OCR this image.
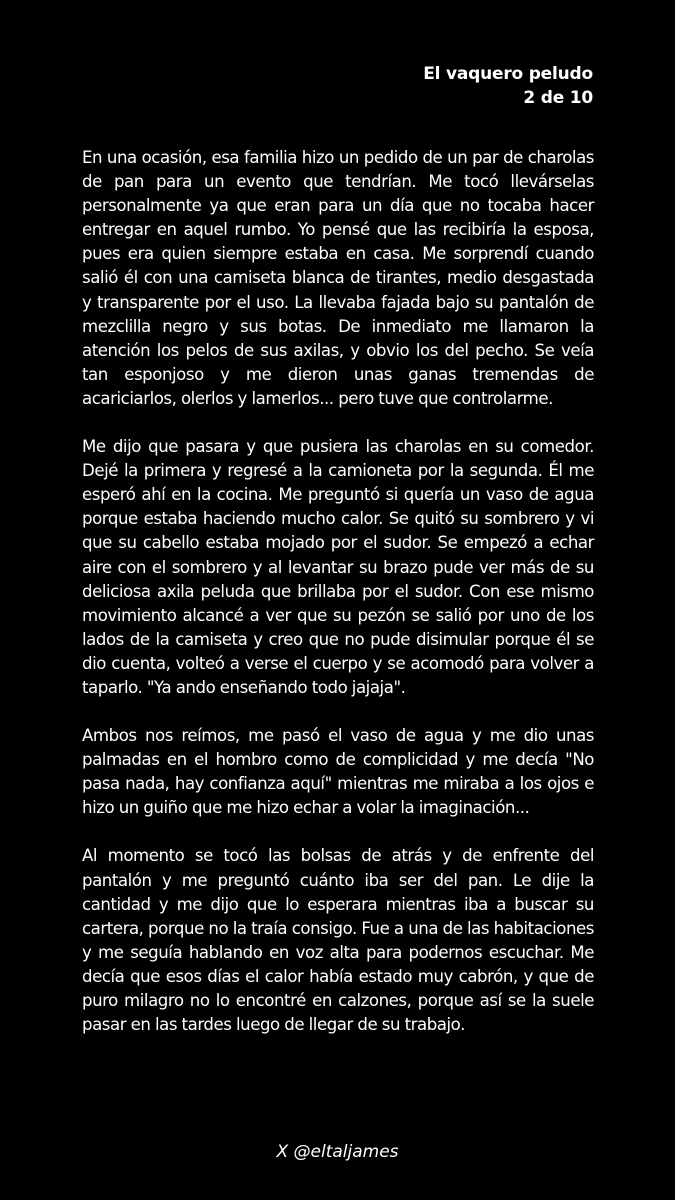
El vaquero peludo
2 de 10

En una ocasión, esa familia hizo un pedido de un par de charolas de pan para un evento que tendrían. Me tocó llevárselas personalmente ya que eran para un día que no tocaba hacer entregar en aquel rumbo. Yo pensé que las recibiría la esposa, pues era quien siempre estaba en casa. Me sorprendí cuando salió él con una camiseta blanca de tirantes, medio desgastada y transparente por el uso. La llevaba fajada bajo su pantalón de mezclilla negro y sus botas. De inmediato me llamaron la atención los pelos de sus axilas, y obvio los del pecho. Se veía tan esponjoso y me dieron unas ganas tremendas de acariciarlos, olerlos y lamerlos... pero tuve que controlarme.

Me dijo que pasara y que pusiera las charolas en su comedor. Dejé la primera y regresé a la camioneta por la segunda. Él me esperó ahí en la cocina. Me preguntó si quería un vaso de agua porque estaba haciendo mucho calor. Se quitó su sombrero y vi que su cabello estaba mojado por el sudor. Se empezó a echar aire con el sombrero y al levantar su brazo pude ver más de su deliciosa axila peluda que brillaba por el sudor. Con ese mismo movimiento alcancé a ver que su pezón se salió por uno de los lados de la camiseta y creo que no pude disimular porque él se dio cuenta, volteó a verse el cuerpo y se acomodó para volver a taparlo. "Ya ando enseñando todo jajaja".

Ambos nos reímos, me pasó el vaso de agua y me dio unas palmadas en el hombro como de complicidad y me decía "No pasa nada, hay confianza aquí" mientras me miraba a los ojos e hizo un guiño que me hizo echar a volar la imaginación...

Al momento se tocó las bolsas de atrás y de enfrente del pantalón y me preguntó cuánto iba ser del pan. Le dije la cantidad y me dijo que lo esperara mientras iba a buscar su cartera, porque no la traía consigo. Fue a una de las habitaciones y me seguía hablando en voz alta para podernos escuchar. Me decía que esos días el calor había estado muy cabrón, y que de puro milagro no lo encontré en calzones, porque así se la suele pasar en las tardes luego de llegar de su trabajo.

X @eltaljames
